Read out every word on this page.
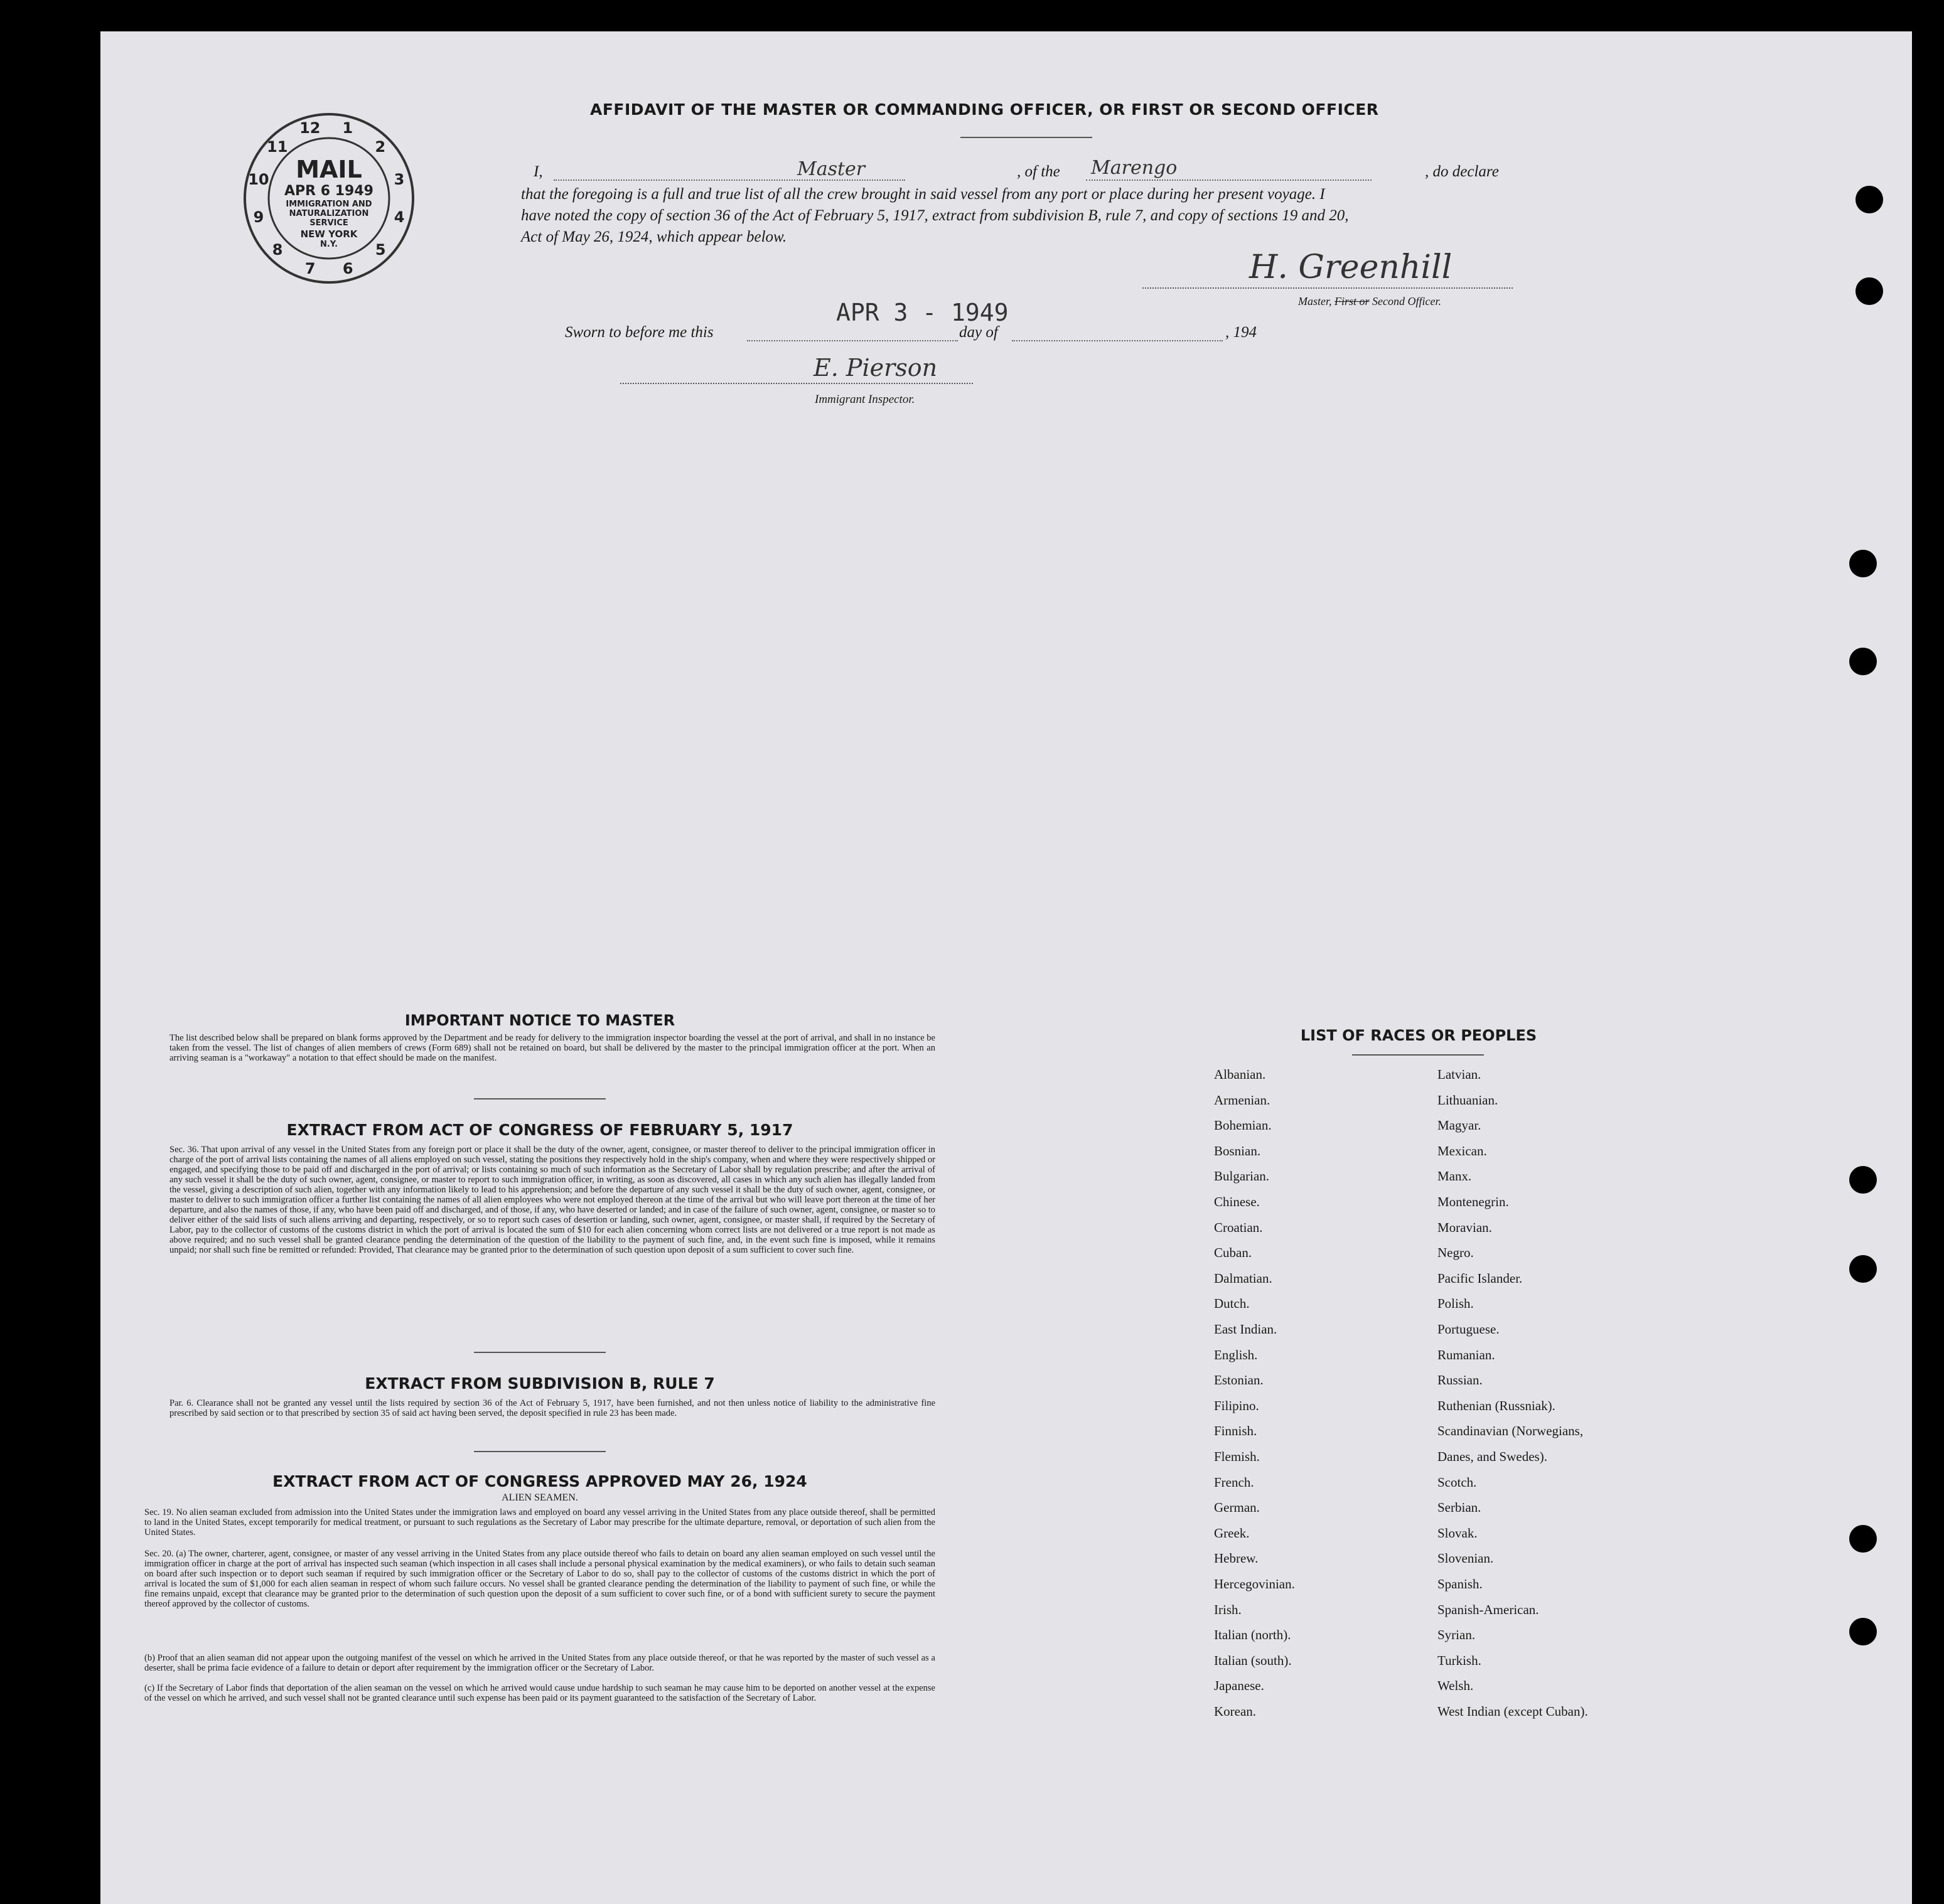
1
2
3
4
5
6
7
8
9
10
11
12
MAIL
APR 6 1949
IMMIGRATION AND
NATURALIZATION
SERVICE
NEW YORK
N.Y.
AFFIDAVIT OF THE MASTER OR COMMANDING OFFICER, OR FIRST OR SECOND OFFICER
I,	Master	, of the Marengo	, do declare
that the foregoing is a full and true list of all the crew brought in said vessel from any port or place during her present voyage. I
have noted the copy of section 36 of the Act of February 5, 1917, extract from subdivision B, rule 7, and copy of sections 19 and 20,
Act of May 26, 1924, which appear below.
H. Greenhill
Master, First or Second Officer.
Sworn to before me this
APR 3 - 1949
day of	, 194
E. Pierson
Immigrant Inspector.
IMPORTANT NOTICE TO MASTER
The list described below shall be prepared on blank forms approved by the Department and be ready for delivery to the immigration inspector boarding the vessel at the port of arrival, and shall in no instance be taken from the vessel. The list of changes of alien members of crews (Form 689) shall not be retained on board, but shall be delivered by the master to the principal immigration officer at the port. When an arriving seaman is a "workaway" a notation to that effect should be made on the manifest.
EXTRACT FROM ACT OF CONGRESS OF FEBRUARY 5, 1917
Sec. 36. That upon arrival of any vessel in the United States from any foreign port or place it shall be the duty of the owner, agent, consignee, or master thereof to deliver to the principal immigration officer in charge of the port of arrival lists containing the names of all aliens employed on such vessel, stating the positions they respectively hold in the ship's company, when and where they were respectively shipped or engaged, and specifying those to be paid off and discharged in the port of arrival; or lists containing so much of such information as the Secretary of Labor shall by regulation prescribe; and after the arrival of any such vessel it shall be the duty of such owner, agent, consignee, or master to report to such immigration officer, in writing, as soon as discovered, all cases in which any such alien has illegally landed from the vessel, giving a description of such alien, together with any information likely to lead to his apprehension; and before the departure of any such vessel it shall be the duty of such owner, agent, consignee, or master to deliver to such immigration officer a further list containing the names of all alien employees who were not employed thereon at the time of the arrival but who will leave port thereon at the time of her departure, and also the names of those, if any, who have been paid off and discharged, and of those, if any, who have deserted or landed; and in case of the failure of such owner, agent, consignee, or master so to deliver either of the said lists of such aliens arriving and departing, respectively, or so to report such cases of desertion or landing, such owner, agent, consignee, or master shall, if required by the Secretary of Labor, pay to the collector of customs of the customs district in which the port of arrival is located the sum of $10 for each alien concerning whom correct lists are not delivered or a true report is not made as above required; and no such vessel shall be granted clearance pending the determination of the question of the liability to the payment of such fine, and, in the event such fine is imposed, while it remains unpaid; nor shall such fine be remitted or refunded: Provided, That clearance may be granted prior to the determination of such question upon deposit of a sum sufficient to cover such fine.
EXTRACT FROM SUBDIVISION B, RULE 7
Par. 6. Clearance shall not be granted any vessel until the lists required by section 36 of the Act of February 5, 1917, have been furnished, and not then unless notice of liability to the administrative fine prescribed by said section or to that prescribed by section 35 of said act having been served, the deposit specified in rule 23 has been made.
EXTRACT FROM ACT OF CONGRESS APPROVED MAY 26, 1924
ALIEN SEAMEN.
Sec. 19. No alien seaman excluded from admission into the United States under the immigration laws and employed on board any vessel arriving in the United States from any place outside thereof, shall be permitted to land in the United States, except temporarily for medical treatment, or pursuant to such regulations as the Secretary of Labor may prescribe for the ultimate departure, removal, or deportation of such alien from the United States.
Sec. 20. (a) The owner, charterer, agent, consignee, or master of any vessel arriving in the United States from any place outside thereof who fails to detain on board any alien seaman employed on such vessel until the immigration officer in charge at the port of arrival has inspected such seaman (which inspection in all cases shall include a personal physical examination by the medical examiners), or who fails to detain such seaman on board after such inspection or to deport such seaman if required by such immigration officer or the Secretary of Labor to do so, shall pay to the collector of customs of the customs district in which the port of arrival is located the sum of $1,000 for each alien seaman in respect of whom such failure occurs. No vessel shall be granted clearance pending the determination of the liability to payment of such fine, or while the fine remains unpaid, except that clearance may be granted prior to the determination of such question upon the deposit of a sum sufficient to cover such fine, or of a bond with sufficient surety to secure the payment thereof approved by the collector of customs.
(b) Proof that an alien seaman did not appear upon the outgoing manifest of the vessel on which he arrived in the United States from any place outside thereof, or that he was reported by the master of such vessel as a deserter, shall be prima facie evidence of a failure to detain or deport after requirement by the immigration officer or the Secretary of Labor.
(c) If the Secretary of Labor finds that deportation of the alien seaman on the vessel on which he arrived would cause undue hardship to such seaman he may cause him to be deported on another vessel at the expense of the vessel on which he arrived, and such vessel shall not be granted clearance until such expense has been paid or its payment guaranteed to the satisfaction of the Secretary of Labor.
LIST OF RACES OR PEOPLES
Albanian.
Armenian.
Bohemian.
Bosnian.
Bulgarian.
Chinese.
Croatian.
Cuban.
Dalmatian.
Dutch.
East Indian.
English.
Estonian.
Filipino.
Finnish.
Flemish.
French.
German.
Greek.
Hebrew.
Hercegovinian.
Irish.
Italian (north).
Italian (south).
Japanese.
Korean.
Latvian.
Lithuanian.
Magyar.
Mexican.
Manx.
Montenegrin.
Moravian.
Negro.
Pacific Islander.
Polish.
Portuguese.
Rumanian.
Russian.
Ruthenian (Russniak).
Scandinavian (Norwegians,
Danes, and Swedes).
Scotch.
Serbian.
Slovak.
Slovenian.
Spanish.
Spanish-American.
Syrian.
Turkish.
Welsh.
West Indian (except Cuban).
